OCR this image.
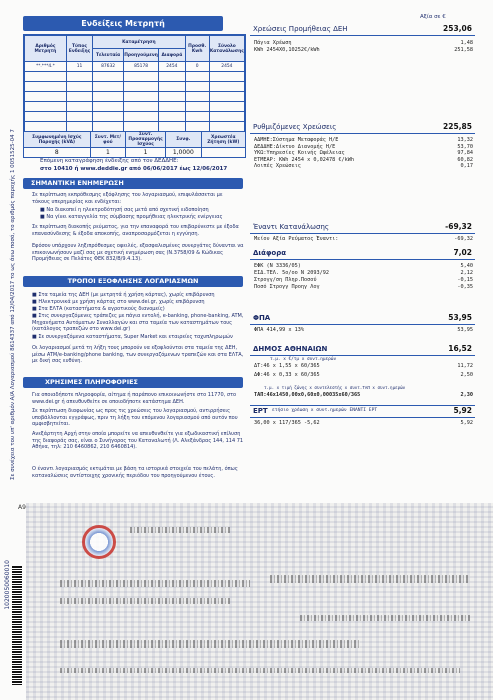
Σε συνέχεια του υπ' αριθμόν Α/Α Λογαριασμού 8614337 από 12/04/2017 το ως άνω ποσό, το αριθμός παροχής 1 0051525-04 7
1020050060010
A9
Ενδείξεις Μετρητή
Αριθμός Μετρητή	Τύπος Ενδειξης	Καταμέτρηση			Προσθ. Kwh	Σύνολο Κατανάλωσης
		Τελευταία	Προηγούμενη	Διαφορά		
**.***4.*	11	87632	85178	2454	0	2454

Συμφωνημένη Ισχύς Παροχής (kVA)	Συντ. Μετ/φού	Συντ. Προσαρμογής Ισχύος	Συνφ.	Χρεωστέα Ζήτηση (kW)
8	1	1	1,0000	
Επόμενη καταγράφηση ένδειξης από τον ΔΕΔΔΗΕ:
στο 10410 ή www.deddie.gr από 06/06/2017 έως 12/06/2017
ΣΗΜΑΝΤΙΚΗ ΕΝΗΜΕΡΩΣΗ
Σε περίπτωση εκπρόθεσμης εξόφλησης του λογαριασμού, επιφυλάσσεται με τόκους υπερημερίας και ενδέχεται:
■ Να διακοπεί η ηλεκτροδότησή σας μετά από σχετική ειδοποίηση
■ Να γίνει καταγγελία της σύμβασης προμήθειας ηλεκτρικής ενέργειας
Σε περίπτωση διακοπής ρεύματος, για την επαναφορά του επιβαρύνεστε με έξοδα επανασύνδεσης & έξοδα αποκοπής, αναπροσαρμόζεται η εγγύηση.
Εφόσον υπάρχουν ληξιπρόθεσμες οφειλές, εξασφαλισμένες συνεργάτες δύνανται να επικοινωνήσουν μαζί σας με σχετική ενημέρωση σας (Ν.3758/09 & Κώδικας Προμήθειας σε Πελάτες ΦΕΚ 832/Β/9.4.13).
ΤΡΟΠΟΙ ΕΞΟΦΛΗΣΗΣ ΛΟΓΑΡΙΑΣΜΩΝ
■ Στα ταμεία της ΔΕΗ (με μετρητά ή χρήση κάρτας), χωρίς επιβάρυνση
■ Ηλεκτρονικά με χρήση κάρτας στο www.dei.gr, χωρίς επιβάρυνση
■ Στα ΕΛΤΑ (καταστήματα & αγροτικούς διανομείς)
■ Στις συνεργαζόμενες τράπεζες με πάγια εντολή, e-banking, phone-banking, ATM, Μηχανήματα Αυτόματων Συναλλαγών και στα ταμεία των καταστημάτων τους (κατάλογος τραπεζών στο www.dei.gr)
■ Σε συνεργαζόμενα καταστήματα, Super Market και εταιρείες ταχυπληρωμών
Οι λογαριασμοί μετά τη λήξη τους μπορούν να εξοφλούνται στα ταμεία της ΔΕΗ, μέσω ATM/e-banking/phone banking, των συνεργαζόμενων τραπεζών και στα ΕΛΤΑ, με δική σας ευθύνη.
ΧΡΗΣΙΜΕΣ ΠΛΗΡΟΦΟΡΙΕΣ
Για οποιαδήποτε πληροφορία, αίτημα ή παράπονο επικοινωνήστε στο 11770, στο www.dei.gr ή απευθυνθείτε σε οποιοδήποτε κατάστημα ΔΕΗ.
Σε περίπτωση διαφωνίας ως προς τις χρεώσεις του λογαριασμού, αντιρρήσεις υποβάλλονται εγγράφως, πριν τη λήξη του επόμενου λογαριασμού από αυτόν που αμφισβητείται.
Ανεξάρτητη Αρχή στην οποία μπορείτε να απευθυνθείτε για εξωδικαστική επίλυση της διαφοράς σας, είναι ο Συνήγορος του Καταναλωτή (Λ. Αλεξάνδρας 144, 114 71 Αθήνα, τηλ: 210 6460862, 210 6460814).
Ο έναντι λογαριασμός εκτιμάται με βάση τα ιστορικά στοιχεία του πελάτη, όπως καταναλώσεις αντίστοιχης χρονικής περιόδου του προηγούμενου έτους.
Αξία σε €
Χρεώσεις Προμήθειας ΔΕΗ	253,06
Πάγια Χρέωση	1,48
KWh 2454X0,10252€/kWh	251,58
Ρυθμιζόμενες Χρεώσεις	225,85
ΑΔΜΗΕ:Σύστημα Μεταφοράς Η/Ε	13,32
ΔΕΔΔΗΕ:Δίκτυο Διανομής Η/Ε	53,70
ΥΚΩ:Υπηρεσίες Κοινής Ωφέλειας	97,84
ΕΤΜΕΑΡ: KWh 2454 x 0,02478 €/kWh	60,82
Λοιπές Χρεώσεις	0,17
Έναντι Κατανάλωσης	-69,32
Μείον Αξία Ρεύματος Έναντι:	-69,32
Διάφορα	7,02
ΕΦΚ (Ν 3336/05)	5,40
ΕΙΔ.ΤΕΛ. 5ο/οο Ν 2093/92	2,12
Στρογγ/ση Πληρ.Ποσού	-0,15
Ποσό Στρογγ Προηγ Λογ	-0,35
ΦΠΑ	53,95
ΦΠΑ 414,99 x 13%	53,95
ΔΗΜΟΣ ΑΘΗΝΑΙΩΝ	16,52
τ.μ. x €/τμ x συντ.ημερών
ΔΤ:46 x 1,55 x 60/365	11,72
ΔΦ:46 x 0,33 x 60/365	2,50
τ.μ. x τιμή ζώνης x συντελεστής x συντ.ΤΑΠ x συντ.ημερών
ΤΑΠ:46x1450,00x0,60x0,00035x60/365	2,30
ΕΡΤ	5,92
ετήσιο χρέωση x συντ.ημερών ΕΝΑΝΤΙ ΕΡΤ
36,00 x 117/365 -5,62	5,92
